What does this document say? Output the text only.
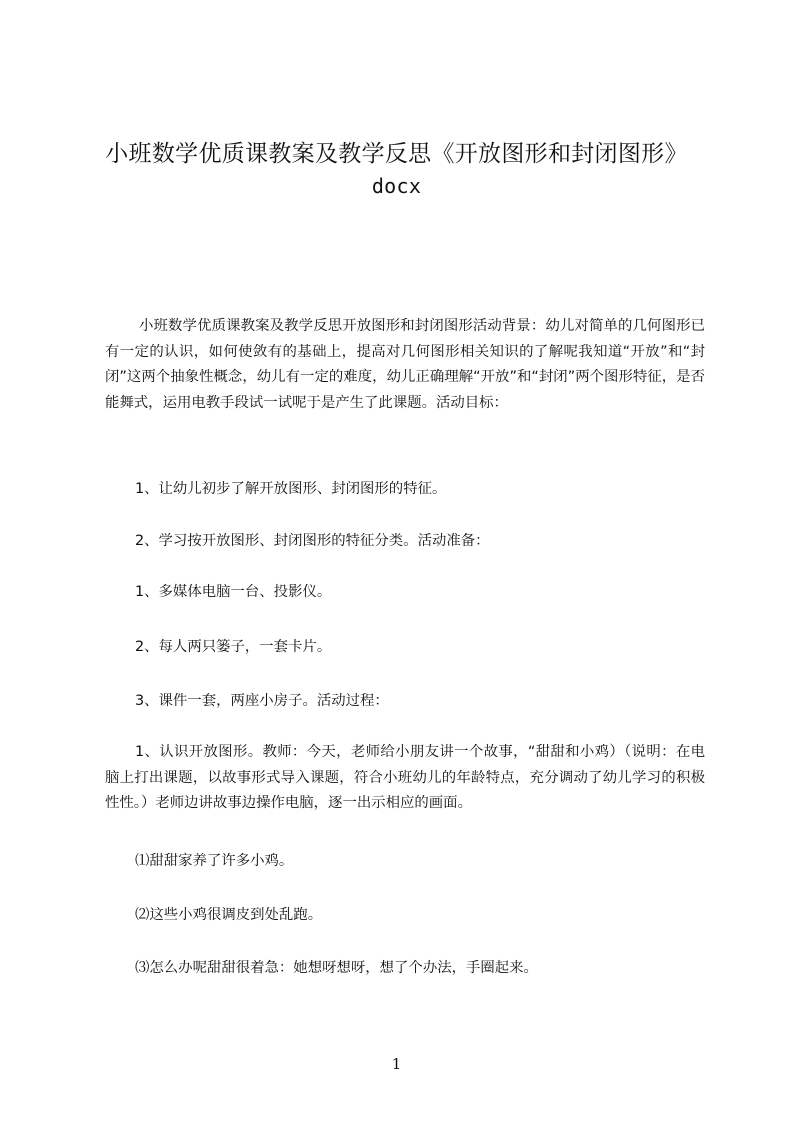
小班数学优质课教案及教学反思《开放图形和封闭图形》
docx

小班数学优质课教案及教学反思开放图形和封闭图形活动背景：幼儿对简单的几何图形已有一定的认识，如何使敛有的基础上，提高对几何图形相关知识的了解呢我知道“开放”和“封闭”这两个抽象性概念，幼儿有一定的难度，幼儿正确理解“开放”和“封闭”两个图形特征，是否能舞式，运用电教手段试一试呢于是产生了此课题。活动目标：

1、让幼儿初步了解开放图形、封闭图形的特征。

2、学习按开放图形、封闭图形的特征分类。活动准备：

1、多媒体电脑一台、投影仪。

2、每人两只篓子，一套卡片。

3、课件一套，两座小房子。活动过程：

1、认识开放图形。教师：今天，老师给小朋友讲一个故事，“甜甜和小鸡）（说明：在电脑上打出课题，以故事形式导入课题，符合小班幼儿的年龄特点，充分调动了幼儿学习的积极性性。）老师边讲故事边操作电脑，逐一出示相应的画面。

⑴甜甜家养了许多小鸡。

⑵这些小鸡很调皮到处乱跑。

⑶怎么办呢甜甜很着急：她想呀想呀，想了个办法，手圈起来。

1
